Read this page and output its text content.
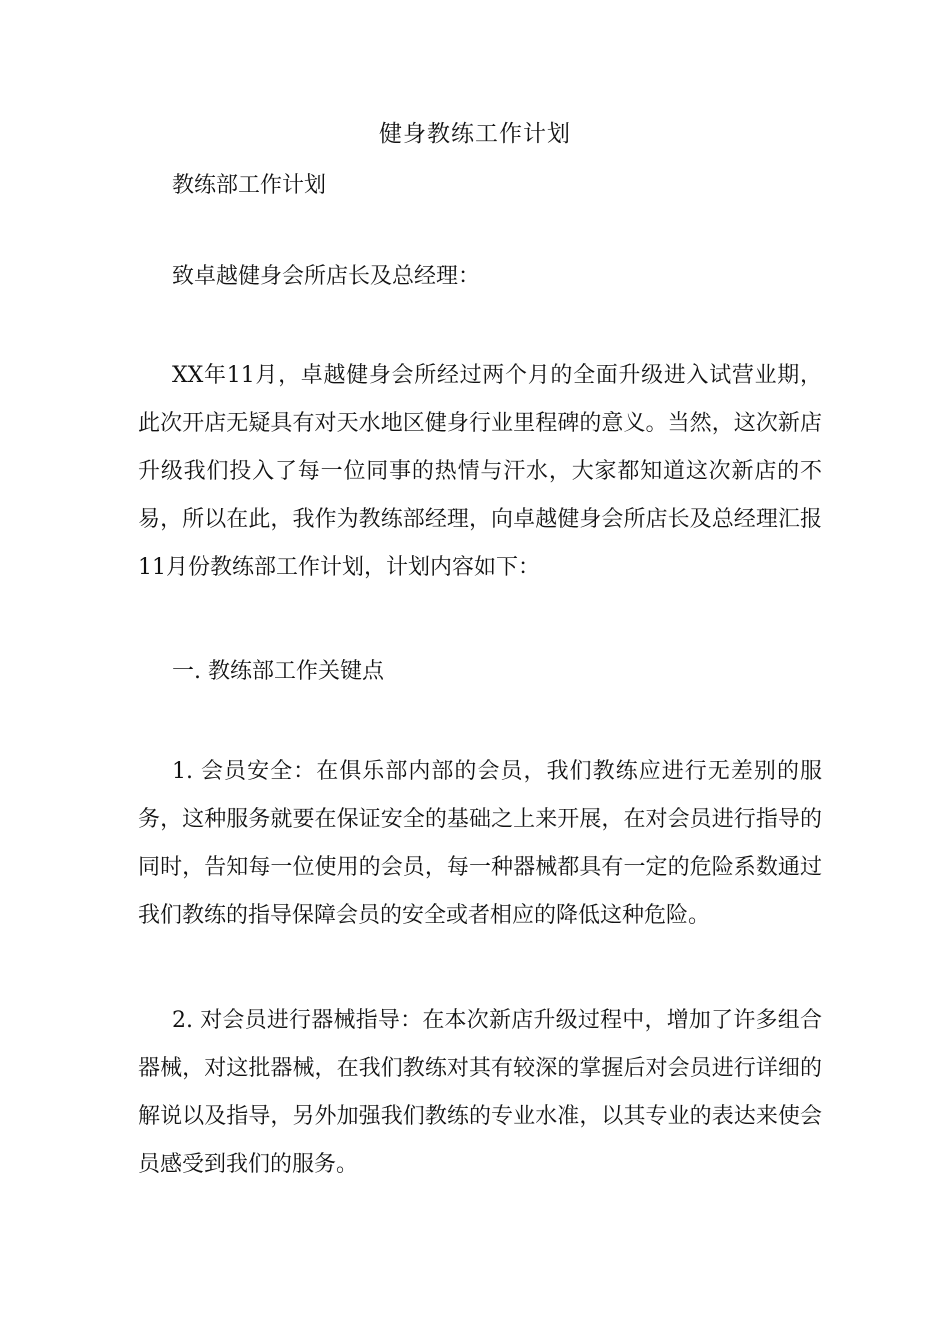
健身教练工作计划
教练部工作计划
致卓越健身会所店长及总经理：

XX年11月，卓越健身会所经过两个月的全面升级进入试营业期，此次开店无疑具有对天水地区健身行业里程碑的意义。当然，这次新店升级我们投入了每一位同事的热情与汗水，大家都知道这次新店的不易，所以在此，我作为教练部经理，向卓越健身会所店长及总经理汇报11月份教练部工作计划，计划内容如下：

一. 教练部工作关键点

1. 会员安全：在俱乐部内部的会员，我们教练应进行无差别的服务，这种服务就要在保证安全的基础之上来开展，在对会员进行指导的同时，告知每一位使用的会员，每一种器械都具有一定的危险系数通过我们教练的指导保障会员的安全或者相应的降低这种危险。

2. 对会员进行器械指导：在本次新店升级过程中，增加了许多组合器械，对这批器械，在我们教练对其有较深的掌握后对会员进行详细的解说以及指导，另外加强我们教练的专业水准，以其专业的表达来使会员感受到我们的服务。
